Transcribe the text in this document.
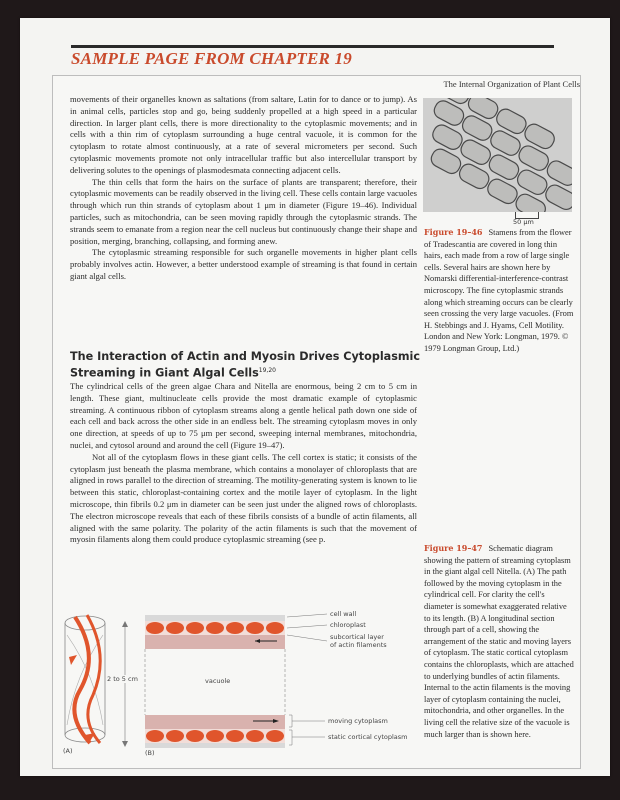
SAMPLE PAGE FROM CHAPTER 19
The Internal Organization of Plant Cells

movements of their organelles known as saltations (from saltare, Latin for to dance or to jump). As in animal cells, particles stop and go, being suddenly propelled at a high speed in a particular direction. In larger plant cells, there is more directionality to the cytoplasmic movements; and in cells with a thin rim of cytoplasm surrounding a huge central vacuole, it is common for the cytoplasm to rotate almost continuously, at a rate of several micrometers per second. Such cytoplasmic movements promote not only intracellular traffic but also intercellular transport by delivering solutes to the openings of plasmodesmata connecting adjacent cells.

The thin cells that form the hairs on the surface of plants are transparent; therefore, their cytoplasmic movements can be readily observed in the living cell. These cells contain large vacuoles through which run thin strands of cytoplasm about 1 μm in diameter (Figure 19–46). Individual particles, such as mitochondria, can be seen moving rapidly through the cytoplasmic strands. The strands seem to emanate from a region near the cell nucleus but continuously change their shape and position, merging, branching, collapsing, and forming anew.

The cytoplasmic streaming responsible for such organelle movements in higher plant cells probably involves actin. However, a better understood example of streaming is that found in certain giant algal cells.

The Interaction of Actin and Myosin Drives Cytoplasmic Streaming in Giant Algal Cells$^{19,20}$

The cylindrical cells of the green algae Chara and Nitella are enormous, being 2 cm to 5 cm in length. These giant, multinucleate cells provide the most dramatic example of cytoplasmic streaming. A continuous ribbon of cytoplasm streams along a gentle helical path down one side of each cell and back across the other side in an endless belt. The streaming cytoplasm moves in only one direction, at speeds of up to 75 μm per second, sweeping internal membranes, mitochondria, nuclei, and cytosol around and around the cell (Figure 19–47).

Not all of the cytoplasm flows in these giant cells. The cell cortex is static; it consists of the cytoplasm just beneath the plasma membrane, which contains a monolayer of chloroplasts that are aligned in rows parallel to the direction of streaming. The motility-generating system is known to lie between this static, chloroplast-containing cortex and the motile layer of cytoplasm. In the light microscope, thin fibrils 0.2 μm in diameter can be seen just under the aligned rows of chloroplasts. The electron microscope reveals that each of these fibrils consists of a bundle of actin filaments, all aligned with the same polarity. The polarity of the actin filaments is such that the movement of myosin filaments along them could produce cytoplasmic streaming (see p.

50 μm
Figure 19–46 Stamens from the flower of Tradescantia are covered in long thin hairs, each made from a row of large single cells. Several hairs are shown here by Nomarski differential-interference-contrast microscopy. The fine cytoplasmic strands along which streaming occurs can be clearly seen crossing the very large vacuoles. (From H. Stebbings and J. Hyams, Cell Motility. London and New York: Longman, 1979. © 1979 Longman Group, Ltd.)
Figure 19–47 Schematic diagram showing the pattern of streaming cytoplasm in the giant algal cell Nitella. (A) The path followed by the moving cytoplasm in the cylindrical cell. For clarity the cell's diameter is somewhat exaggerated relative to its length. (B) A longitudinal section through part of a cell, showing the arrangement of the static and moving layers of cytoplasm. The static cortical cytoplasm contains the chloroplasts, which are attached to underlying bundles of actin filaments. Internal to the actin filaments is the moving layer of cytoplasm containing the nuclei, mitochondria, and other organelles. In the living cell the relative size of the vacuole is much larger than is shown here.
2 to 5 cm
(A)	(B)
vacuole
cell wall
chloroplast
subcortical layer
of actin filaments
moving cytoplasm
static cortical cytoplasm
